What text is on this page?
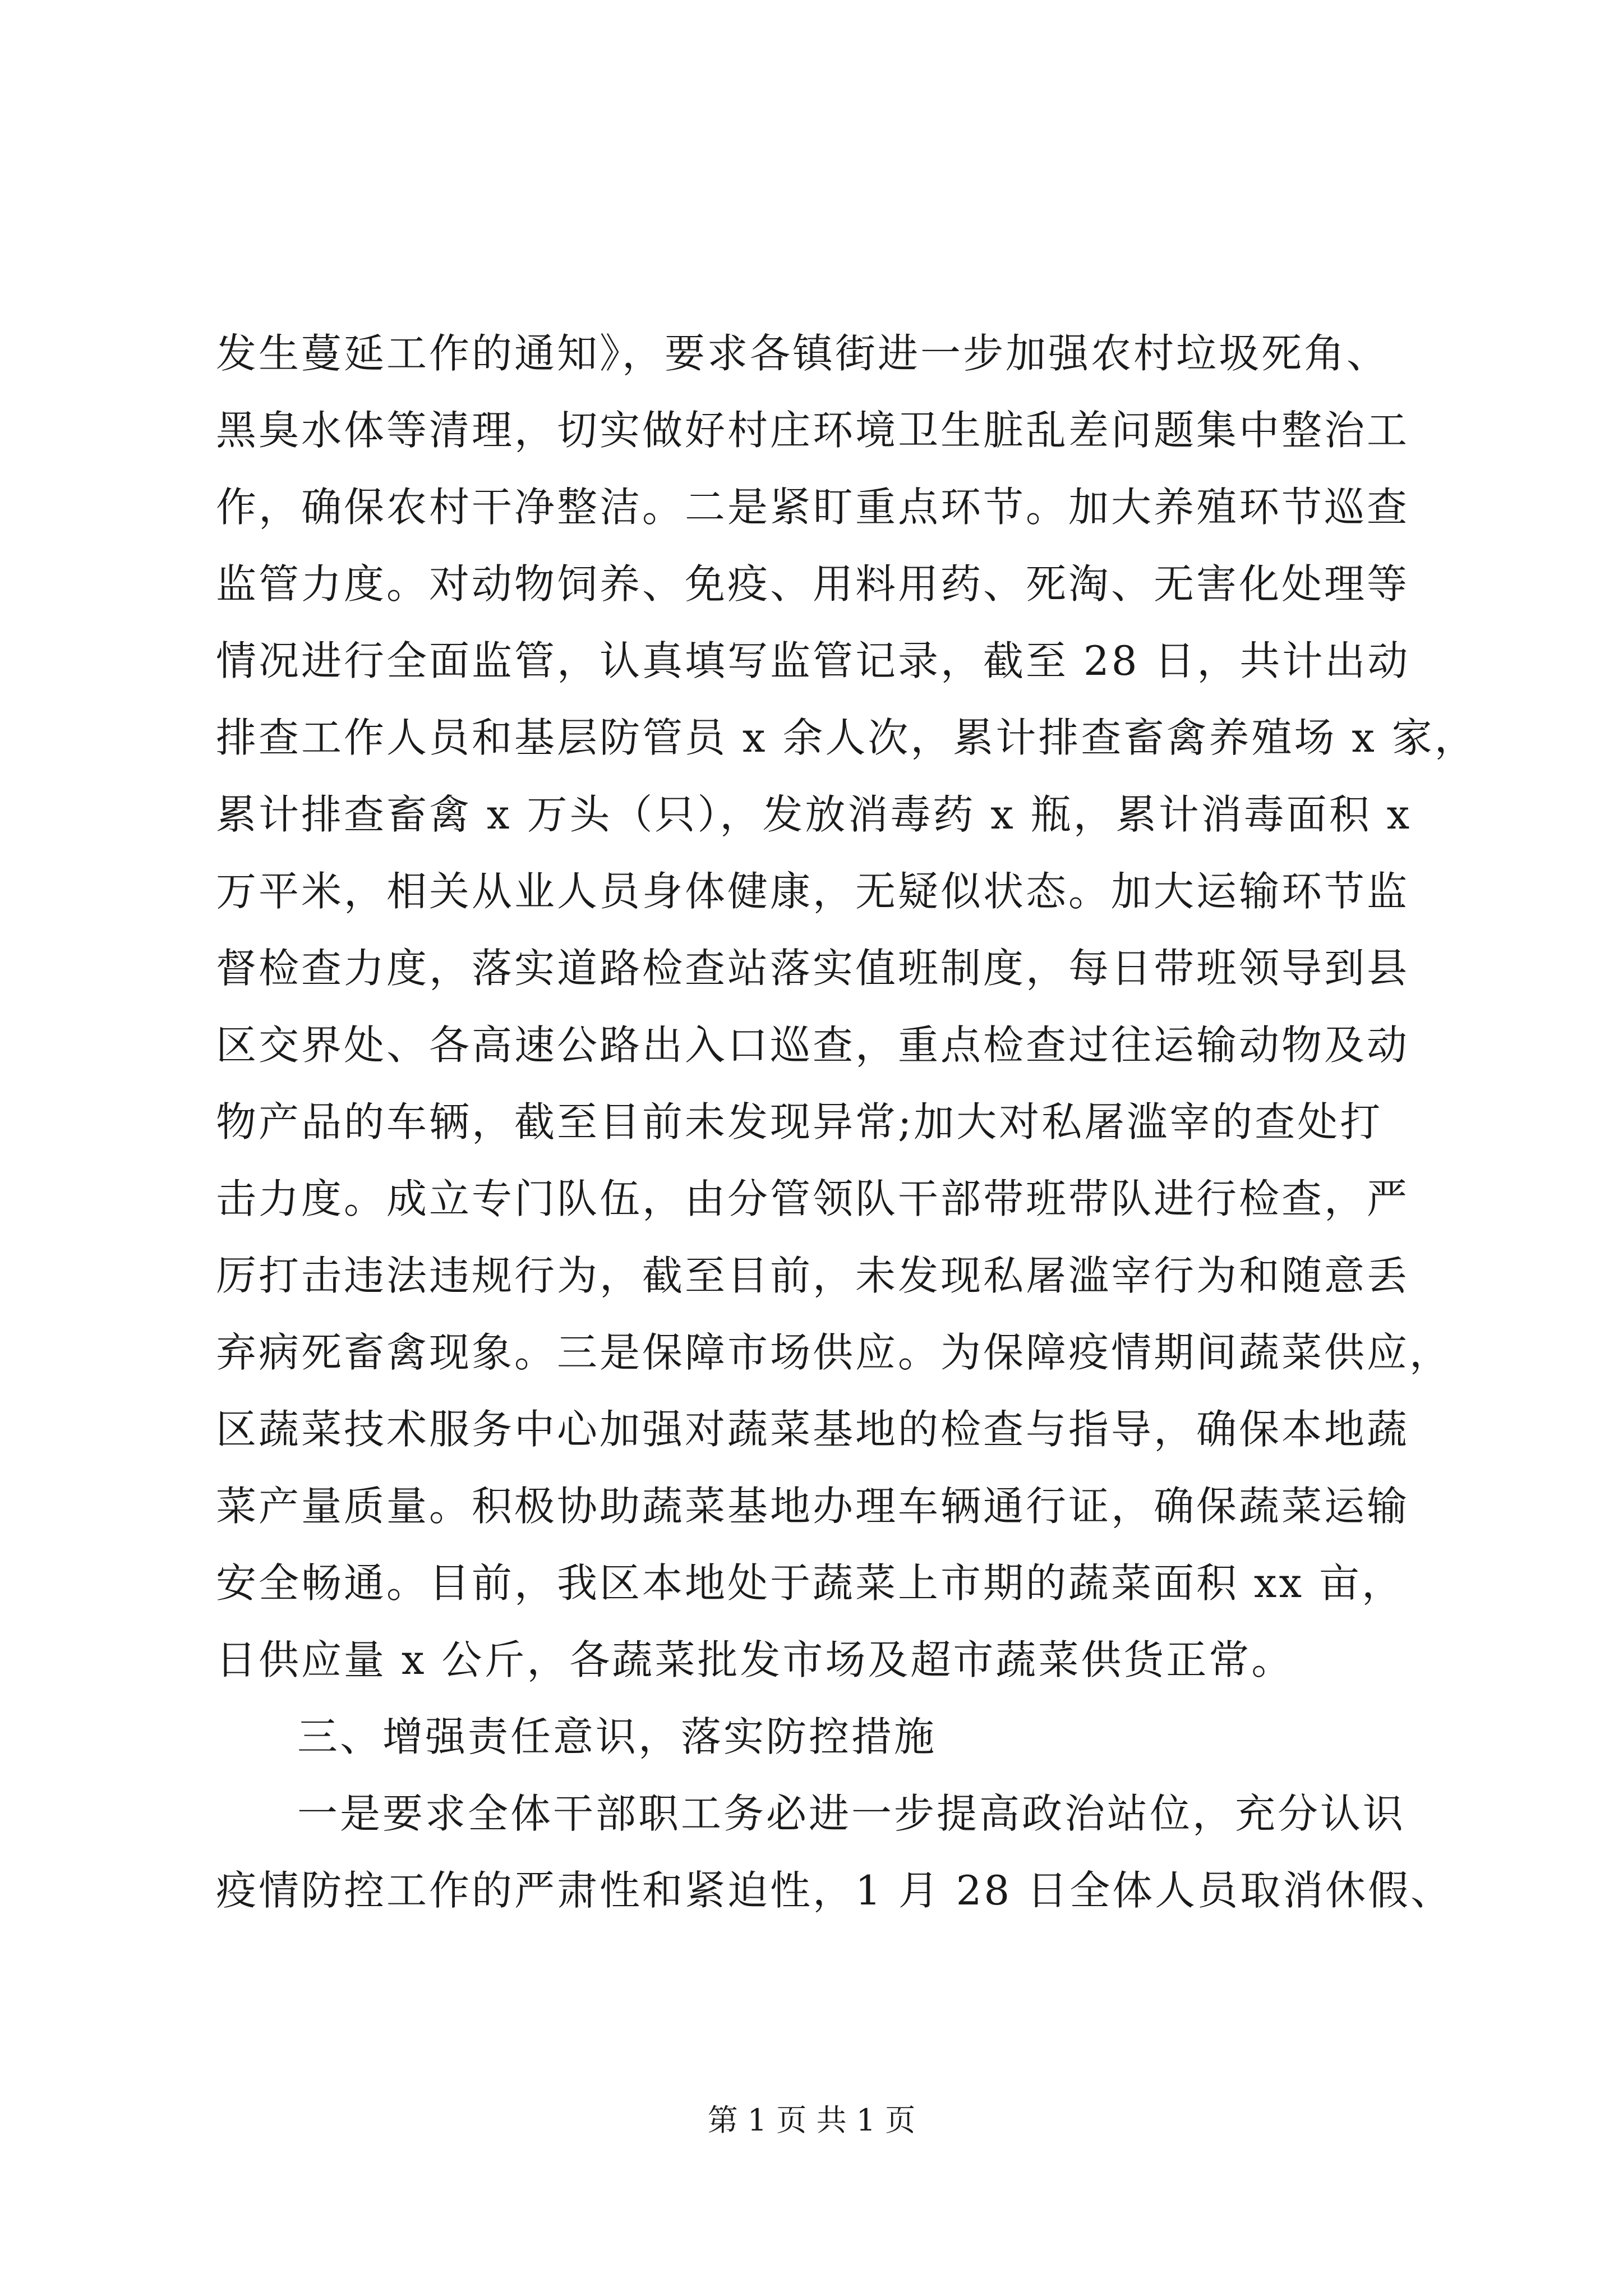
发生蔓延工作的通知》，要求各镇街进一步加强农村垃圾死角、
黑臭水体等清理，切实做好村庄环境卫生脏乱差问题集中整治工
作，确保农村干净整洁。二是紧盯重点环节。加大养殖环节巡查
监管力度。对动物饲养、免疫、用料用药、死淘、无害化处理等
情况进行全面监管，认真填写监管记录，截至 28 日，共计出动
排查工作人员和基层防管员 x 余人次，累计排查畜禽养殖场 x 家，
累计排查畜禽 x 万头（只），发放消毒药 x 瓶，累计消毒面积 x
万平米，相关从业人员身体健康，无疑似状态。加大运输环节监
督检查力度，落实道路检查站落实值班制度，每日带班领导到县
区交界处、各高速公路出入口巡查，重点检查过往运输动物及动
物产品的车辆，截至目前未发现异常;加大对私屠滥宰的查处打
击力度。成立专门队伍，由分管领队干部带班带队进行检查，严
厉打击违法违规行为，截至目前，未发现私屠滥宰行为和随意丢
弃病死畜禽现象。三是保障市场供应。为保障疫情期间蔬菜供应，
区蔬菜技术服务中心加强对蔬菜基地的检查与指导，确保本地蔬
菜产量质量。积极协助蔬菜基地办理车辆通行证，确保蔬菜运输
安全畅通。目前，我区本地处于蔬菜上市期的蔬菜面积 xx 亩，
日供应量 x 公斤，各蔬菜批发市场及超市蔬菜供货正常。
三、增强责任意识，落实防控措施
一是要求全体干部职工务必进一步提高政治站位，充分认识
疫情防控工作的严肃性和紧迫性，1 月 28 日全体人员取消休假、
第 1 页 共 1 页
